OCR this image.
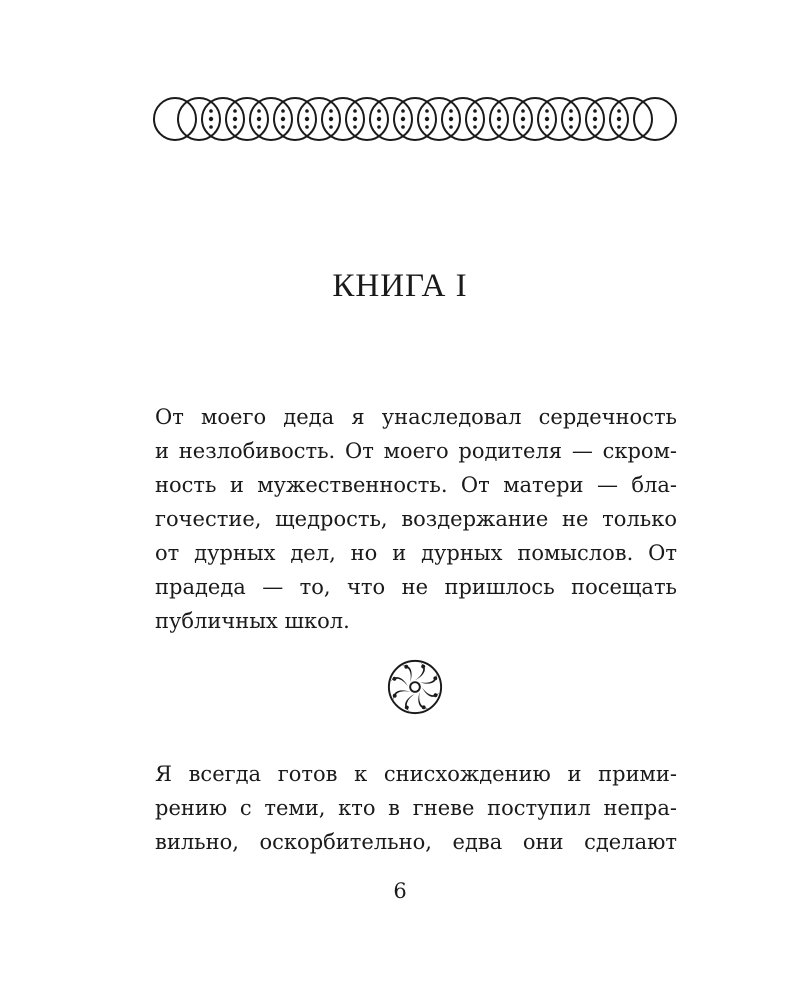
КНИГА I
От моего деда я унаследовал сердечность
и незлобивость. От моего родителя — скром-
ность и мужественность. От матери — бла-
гочестие, щедрость, воздержание не только
от дурных дел, но и дурных помыслов. От
прадеда — то, что не пришлось посещать
публичных школ.
Я всегда готов к снисхождению и прими-
рению с теми, кто в гневе поступил непра-
вильно, оскорбительно, едва они сделают

6
